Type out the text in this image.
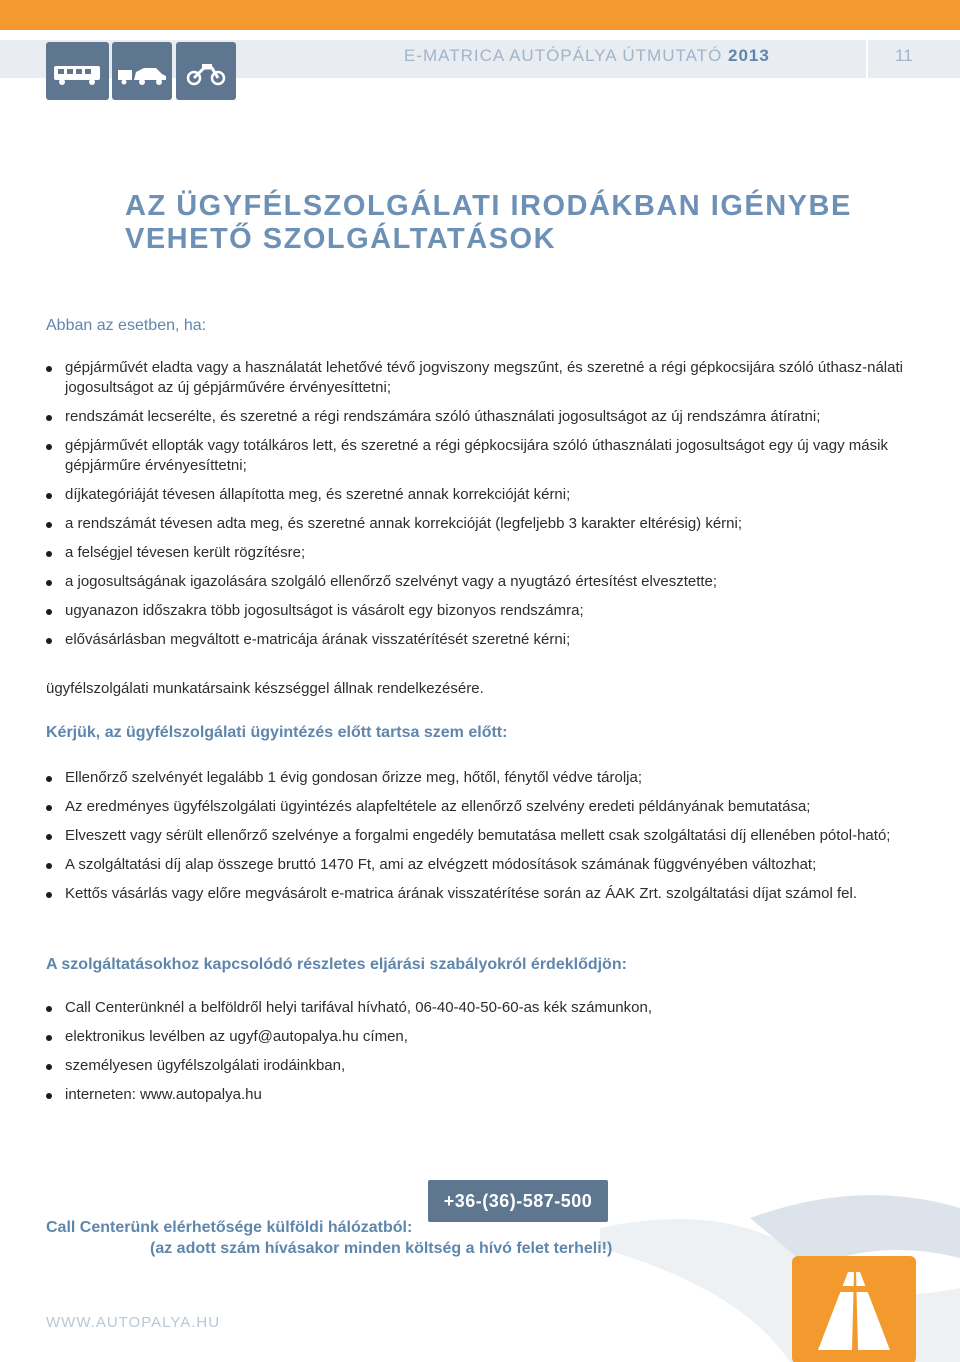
E-MATRICA AUTÓPÁLYA ÚTMUTATÓ 2013	11
AZ ÜGYFÉLSZOLGÁLATI IRODÁKBAN IGÉNYBE
VEHETŐ SZOLGÁLTATÁSOK
Abban az esetben, ha:
gépjárművét eladta vagy a használatát lehetővé tévő jogviszony megszűnt, és szeretné a régi gépkocsijára szóló úthasz-nálati jogosultságot az új gépjárművére érvényesíttetni;
rendszámát lecserélte, és szeretné a régi rendszámára szóló úthasználati jogosultságot az új rendszámra átíratni;
gépjárművét ellopták vagy totálkáros lett, és szeretné a régi gépkocsijára szóló úthasználati jogosultságot egy új vagy másik gépjárműre érvényesíttetni;
díjkategóriáját tévesen állapította meg, és szeretné annak korrekcióját kérni;
a rendszámát tévesen adta meg, és szeretné annak korrekcióját (legfeljebb 3 karakter eltérésig) kérni;
a felségjel tévesen került rögzítésre;
a jogosultságának igazolására szolgáló ellenőrző szelvényt vagy a nyugtázó értesítést elvesztette;
ugyanazon időszakra több jogosultságot is vásárolt egy bizonyos rendszámra;
elővásárlásban megváltott e-matricája árának visszatérítését szeretné kérni;
ügyfélszolgálati munkatársaink készséggel állnak rendelkezésére.
Kérjük, az ügyfélszolgálati ügyintézés előtt tartsa szem előtt:
Ellenőrző szelvényét legalább 1 évig gondosan őrizze meg, hőtől, fénytől védve tárolja;
Az eredményes ügyfélszolgálati ügyintézés alapfeltétele az ellenőrző szelvény eredeti példányának bemutatása;
Elveszett vagy sérült ellenőrző szelvénye a forgalmi engedély bemutatása mellett csak szolgáltatási díj ellenében pótol-ható;
A szolgáltatási díj alap összege bruttó 1470 Ft, ami az elvégzett módosítások számának függvényében változhat;
Kettős vásárlás vagy előre megvásárolt e-matrica árának visszatérítése során az ÁAK Zrt. szolgáltatási díjat számol fel.
A szolgáltatásokhoz kapcsolódó részletes eljárási szabályokról érdeklődjön:
Call Centerünknél a belföldről helyi tarifával hívható, 06-40-40-50-60-as kék számunkon,
elektronikus levélben az ugyf@autopalya.hu címen,
személyesen ügyfélszolgálati irodáinkban,
interneten: www.autopalya.hu
+36-(36)-587-500
Call Centerünk elérhetősége külföldi hálózatból:
(az adott szám hívásakor minden költség a hívó felet terheli!)
WWW.AUTOPALYA.HU
